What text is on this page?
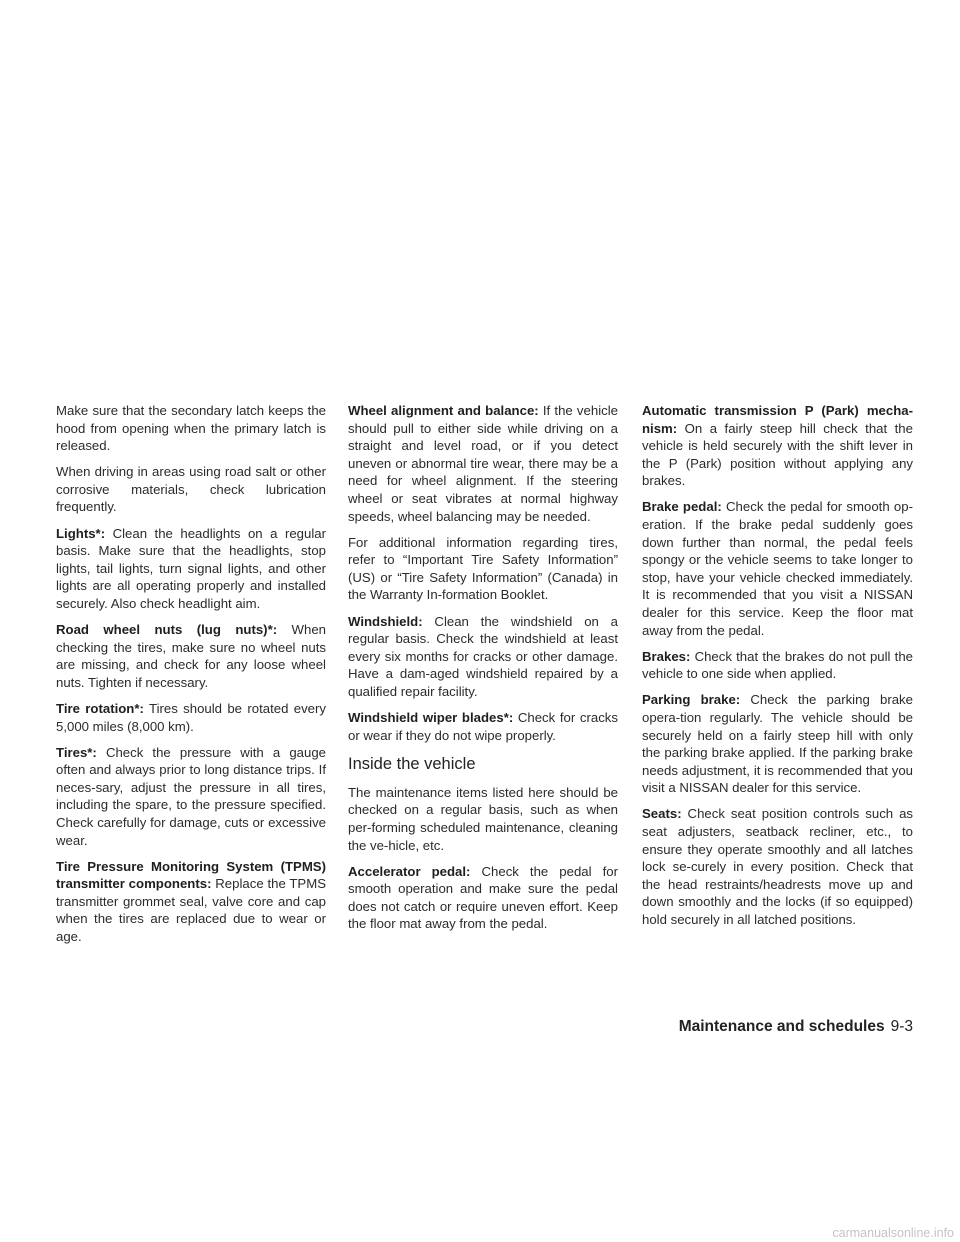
Make sure that the secondary latch keeps the hood from opening when the primary latch is released.

When driving in areas using road salt or other corrosive materials, check lubrication frequently.

Lights*: Clean the headlights on a regular basis. Make sure that the headlights, stop lights, tail lights, turn signal lights, and other lights are all operating properly and installed securely. Also check headlight aim.

Road wheel nuts (lug nuts)*: When checking the tires, make sure no wheel nuts are missing, and check for any loose wheel nuts. Tighten if necessary.

Tire rotation*: Tires should be rotated every 5,000 miles (8,000 km).

Tires*: Check the pressure with a gauge often and always prior to long distance trips. If neces-sary, adjust the pressure in all tires, including the spare, to the pressure specified. Check carefully for damage, cuts or excessive wear.

Tire Pressure Monitoring System (TPMS) transmitter components: Replace the TPMS transmitter grommet seal, valve core and cap when the tires are replaced due to wear or age.

Wheel alignment and balance: If the vehicle should pull to either side while driving on a straight and level road, or if you detect uneven or abnormal tire wear, there may be a need for wheel alignment. If the steering wheel or seat vibrates at normal highway speeds, wheel balancing may be needed.

For additional information regarding tires, refer to “Important Tire Safety Information” (US) or “Tire Safety Information” (Canada) in the Warranty In-formation Booklet.

Windshield: Clean the windshield on a regular basis. Check the windshield at least every six months for cracks or other damage. Have a dam-aged windshield repaired by a qualified repair facility.

Windshield wiper blades*: Check for cracks or wear if they do not wipe properly.

Inside the vehicle

The maintenance items listed here should be checked on a regular basis, such as when per-forming scheduled maintenance, cleaning the ve-hicle, etc.

Accelerator pedal: Check the pedal for smooth operation and make sure the pedal does not catch or require uneven effort. Keep the floor mat away from the pedal.

Automatic transmission P (Park) mecha-nism: On a fairly steep hill check that the vehicle is held securely with the shift lever in the P (Park) position without applying any brakes.

Brake pedal: Check the pedal for smooth op-eration. If the brake pedal suddenly goes down further than normal, the pedal feels spongy or the vehicle seems to take longer to stop, have your vehicle checked immediately. It is recommended that you visit a NISSAN dealer for this service. Keep the floor mat away from the pedal.

Brakes: Check that the brakes do not pull the vehicle to one side when applied.

Parking brake: Check the parking brake opera-tion regularly. The vehicle should be securely held on a fairly steep hill with only the parking brake applied. If the parking brake needs adjustment, it is recommended that you visit a NISSAN dealer for this service.

Seats: Check seat position controls such as seat adjusters, seatback recliner, etc., to ensure they operate smoothly and all latches lock se-curely in every position. Check that the head restraints/headrests move up and down smoothly and the locks (if so equipped) hold securely in all latched positions.

Maintenance and schedules 9-3
carmanualsonline.info
